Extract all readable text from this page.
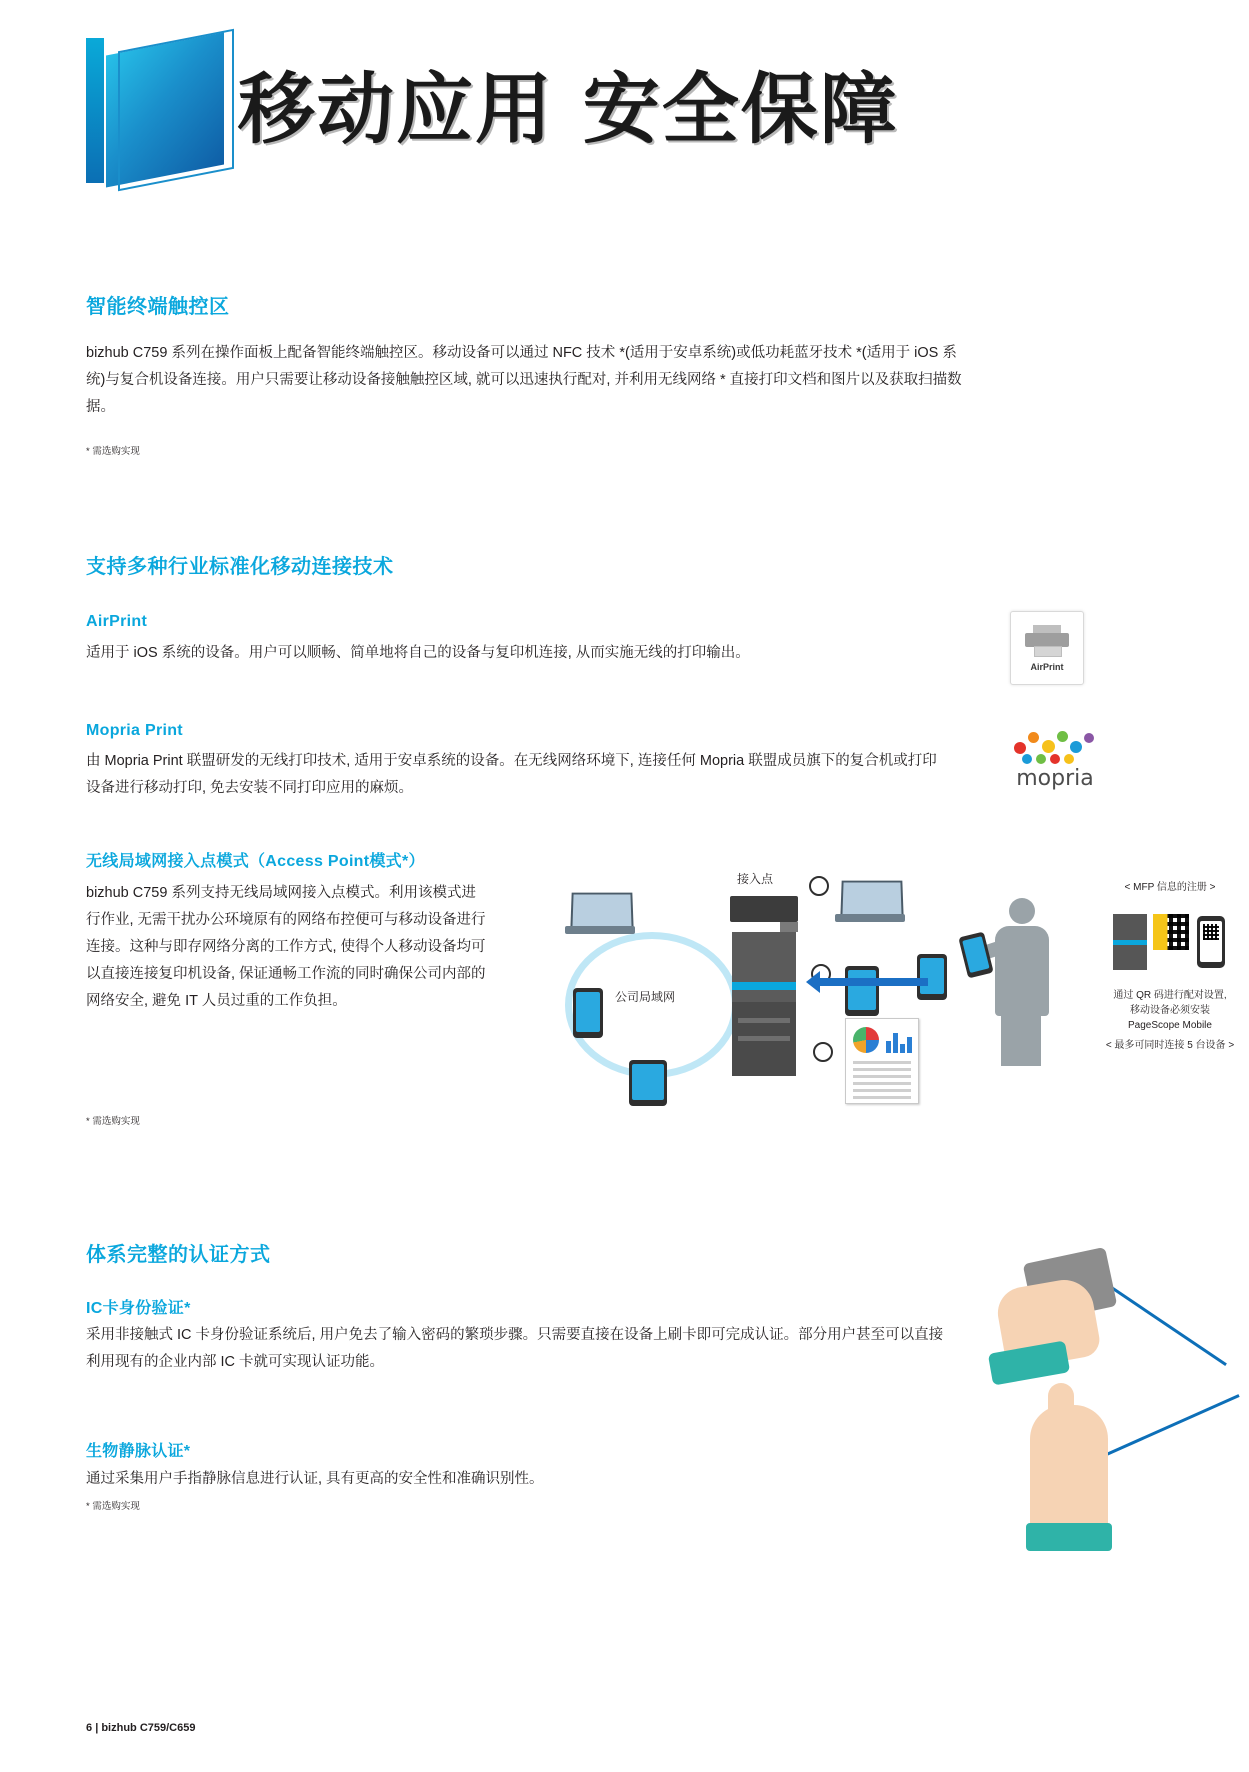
移动应用 安全保障
智能终端触控区
bizhub C759 系列在操作面板上配备智能终端触控区。移动设备可以通过 NFC 技术 *(适用于安卓系统)或低功耗蓝牙技术 *(适用于 iOS 系统)与复合机设备连接。用户只需要让移动设备接触触控区域, 就可以迅速执行配对, 并利用无线网络 * 直接打印文档和图片以及获取扫描数据。
* 需选购实现
支持多种行业标准化移动连接技术
AirPrint
适用于 iOS 系统的设备。用户可以顺畅、简单地将自己的设备与复印机连接, 从而实施无线的打印输出。
AirPrint
Mopria Print
由 Mopria Print 联盟研发的无线打印技术, 适用于安卓系统的设备。在无线网络环境下, 连接任何 Mopria 联盟成员旗下的复合机或打印设备进行移动打印, 免去安装不同打印应用的麻烦。	mopria
无线局域网接入点模式（Access Point模式*）
bizhub C759 系列支持无线局域网接入点模式。利用该模式进行作业, 无需干扰办公环境原有的网络布控便可与移动设备进行连接。这种与即存网络分离的工作方式, 使得个人移动设备均可以直接连接复印机设备, 保证通畅工作流的同时确保公司内部的网络安全, 避免 IT 人员过重的工作负担。
* 需选购实现
公司局域网
接入点
< MFP 信息的注册 >
通过 QR 码进行配对设置,
移动设备必须安装
PageScope Mobile
< 最多可同时连接 5 台设备 >
体系完整的认证方式
IC卡身份验证*
采用非接触式 IC 卡身份验证系统后, 用户免去了输入密码的繁琐步骤。只需要直接在设备上刷卡即可完成认证。部分用户甚至可以直接利用现有的企业内部 IC 卡就可实现认证功能。
生物静脉认证*
通过采集用户手指静脉信息进行认证, 具有更高的安全性和准确识别性。
* 需选购实现
6 | bizhub C759/C659
